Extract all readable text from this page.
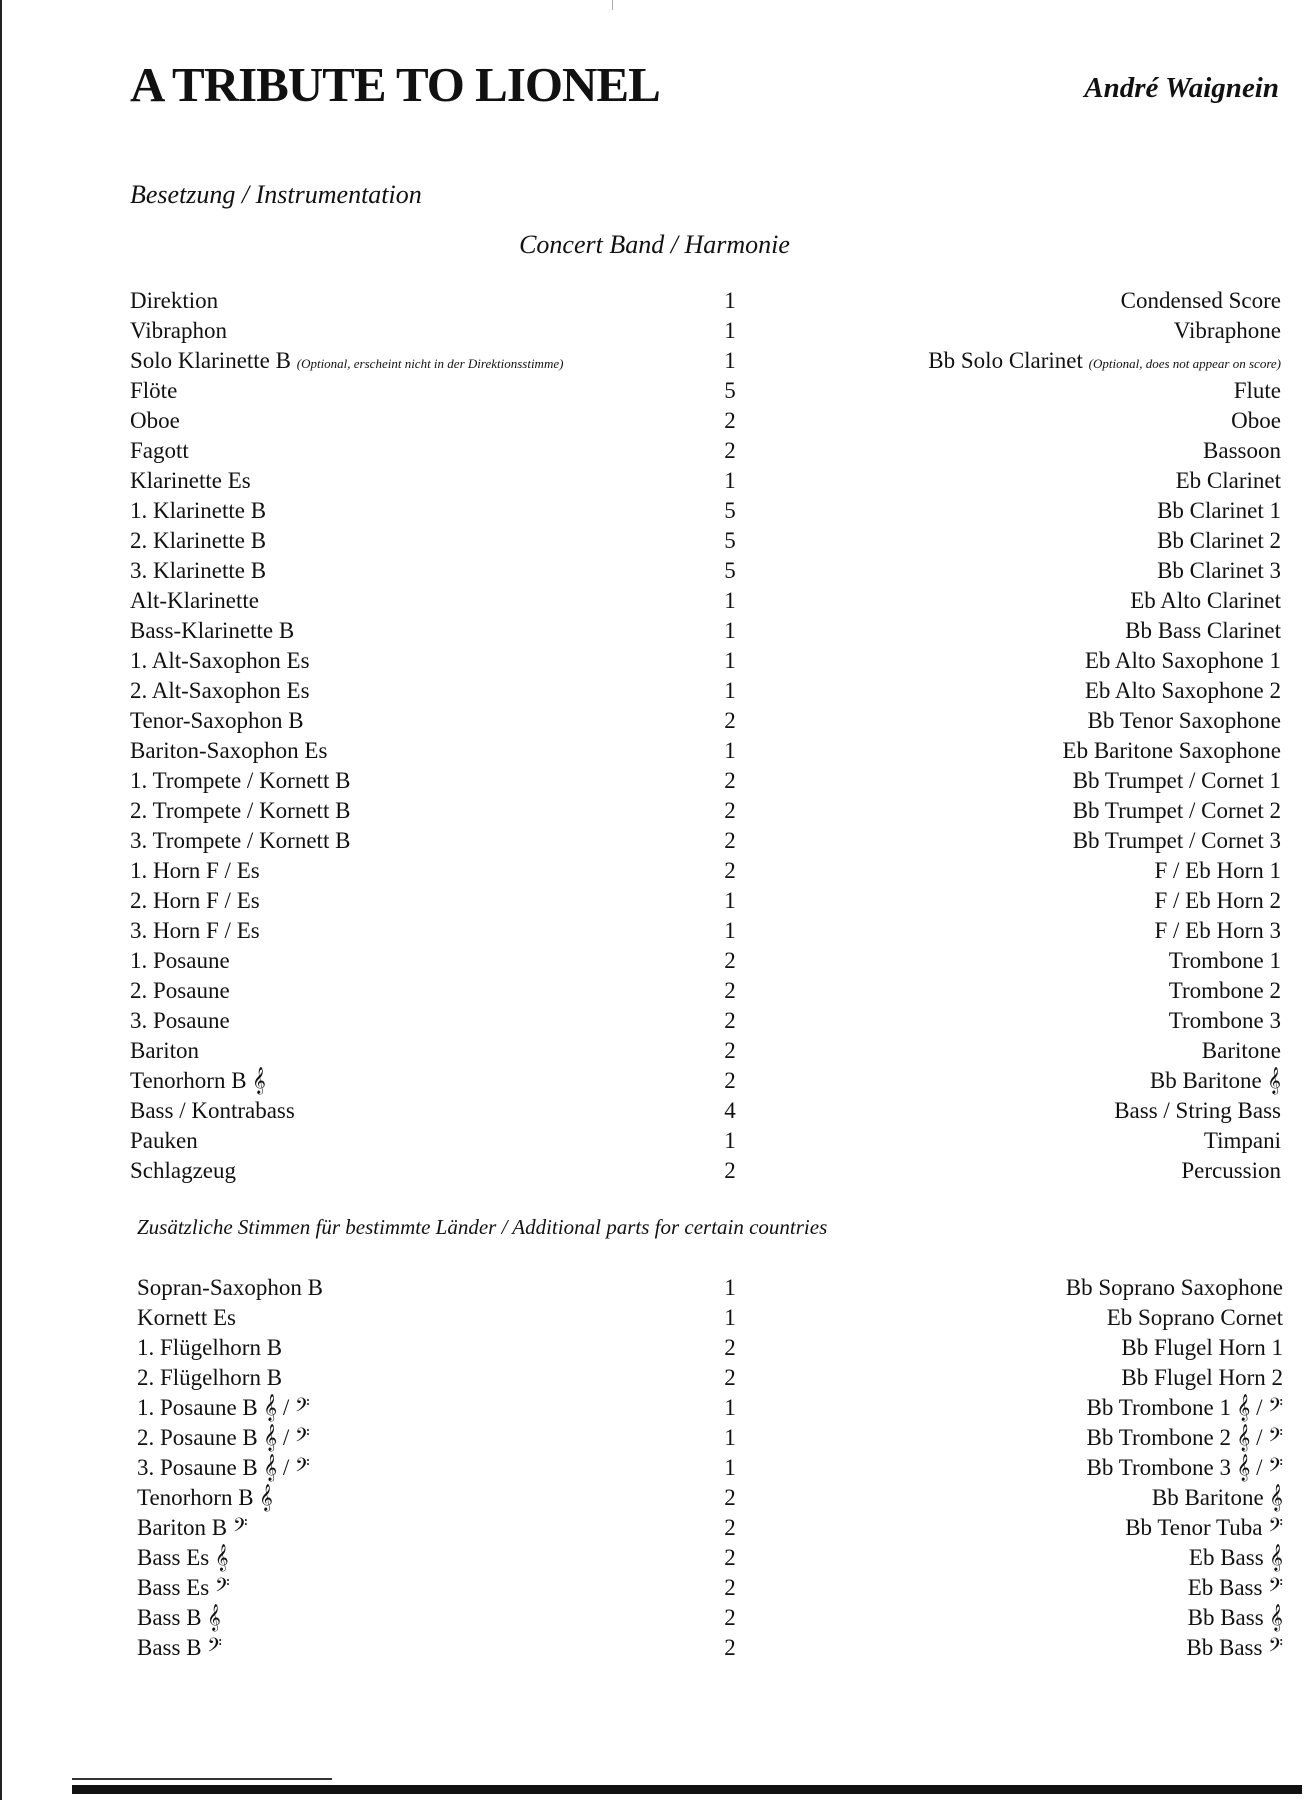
A TRIBUTE TO LIONEL	André Waignein
Besetzung / Instrumentation
Concert Band / Harmonie
Direktion	1	Condensed Score
Vibraphon	1	Vibraphone
Solo Klarinette B (Optional, erscheint nicht in der Direktionsstimme)	1	Bb Solo Clarinet (Optional, does not appear on score)
Flöte	5	Flute
Oboe	2	Oboe
Fagott	2	Bassoon
Klarinette Es	1	Eb Clarinet
1. Klarinette B	5	Bb Clarinet 1
2. Klarinette B	5	Bb Clarinet 2
3. Klarinette B	5	Bb Clarinet 3
Alt-Klarinette	1	Eb Alto Clarinet
Bass-Klarinette B	1	Bb Bass Clarinet
1. Alt-Saxophon Es	1	Eb Alto Saxophone 1
2. Alt-Saxophon Es	1	Eb Alto Saxophone 2
Tenor-Saxophon B	2	Bb Tenor Saxophone
Bariton-Saxophon Es	1	Eb Baritone Saxophone
1. Trompete / Kornett B	2	Bb Trumpet / Cornet 1
2. Trompete / Kornett B	2	Bb Trumpet / Cornet 2
3. Trompete / Kornett B	2	Bb Trumpet / Cornet 3
1. Horn F / Es	2	F / Eb Horn 1
2. Horn F / Es	1	F / Eb Horn 2
3. Horn F / Es	1	F / Eb Horn 3
1. Posaune	2	Trombone 1
2. Posaune	2	Trombone 2
3. Posaune	2	Trombone 3
Bariton	2	Baritone
Tenorhorn B 𝄞	2	Bb Baritone 𝄞
Bass / Kontrabass	4	Bass / String Bass
Pauken	1	Timpani
Schlagzeug	2	Percussion
Zusätzliche Stimmen für bestimmte Länder / Additional parts for certain countries
Sopran-Saxophon B	1	Bb Soprano Saxophone
Kornett Es	1	Eb Soprano Cornet
1. Flügelhorn B	2	Bb Flugel Horn 1
2. Flügelhorn B	2	Bb Flugel Horn 2
1. Posaune B 𝄞 / 𝄢	1	Bb Trombone 1 𝄞 / 𝄢
2. Posaune B 𝄞 / 𝄢	1	Bb Trombone 2 𝄞 / 𝄢
3. Posaune B 𝄞 / 𝄢	1	Bb Trombone 3 𝄞 / 𝄢
Tenorhorn B 𝄞	2	Bb Baritone 𝄞
Bariton B 𝄢	2	Bb Tenor Tuba 𝄢
Bass Es 𝄞	2	Eb Bass 𝄞
Bass Es 𝄢	2	Eb Bass 𝄢
Bass B 𝄞	2	Bb Bass 𝄞
Bass B 𝄢	2	Bb Bass 𝄢
